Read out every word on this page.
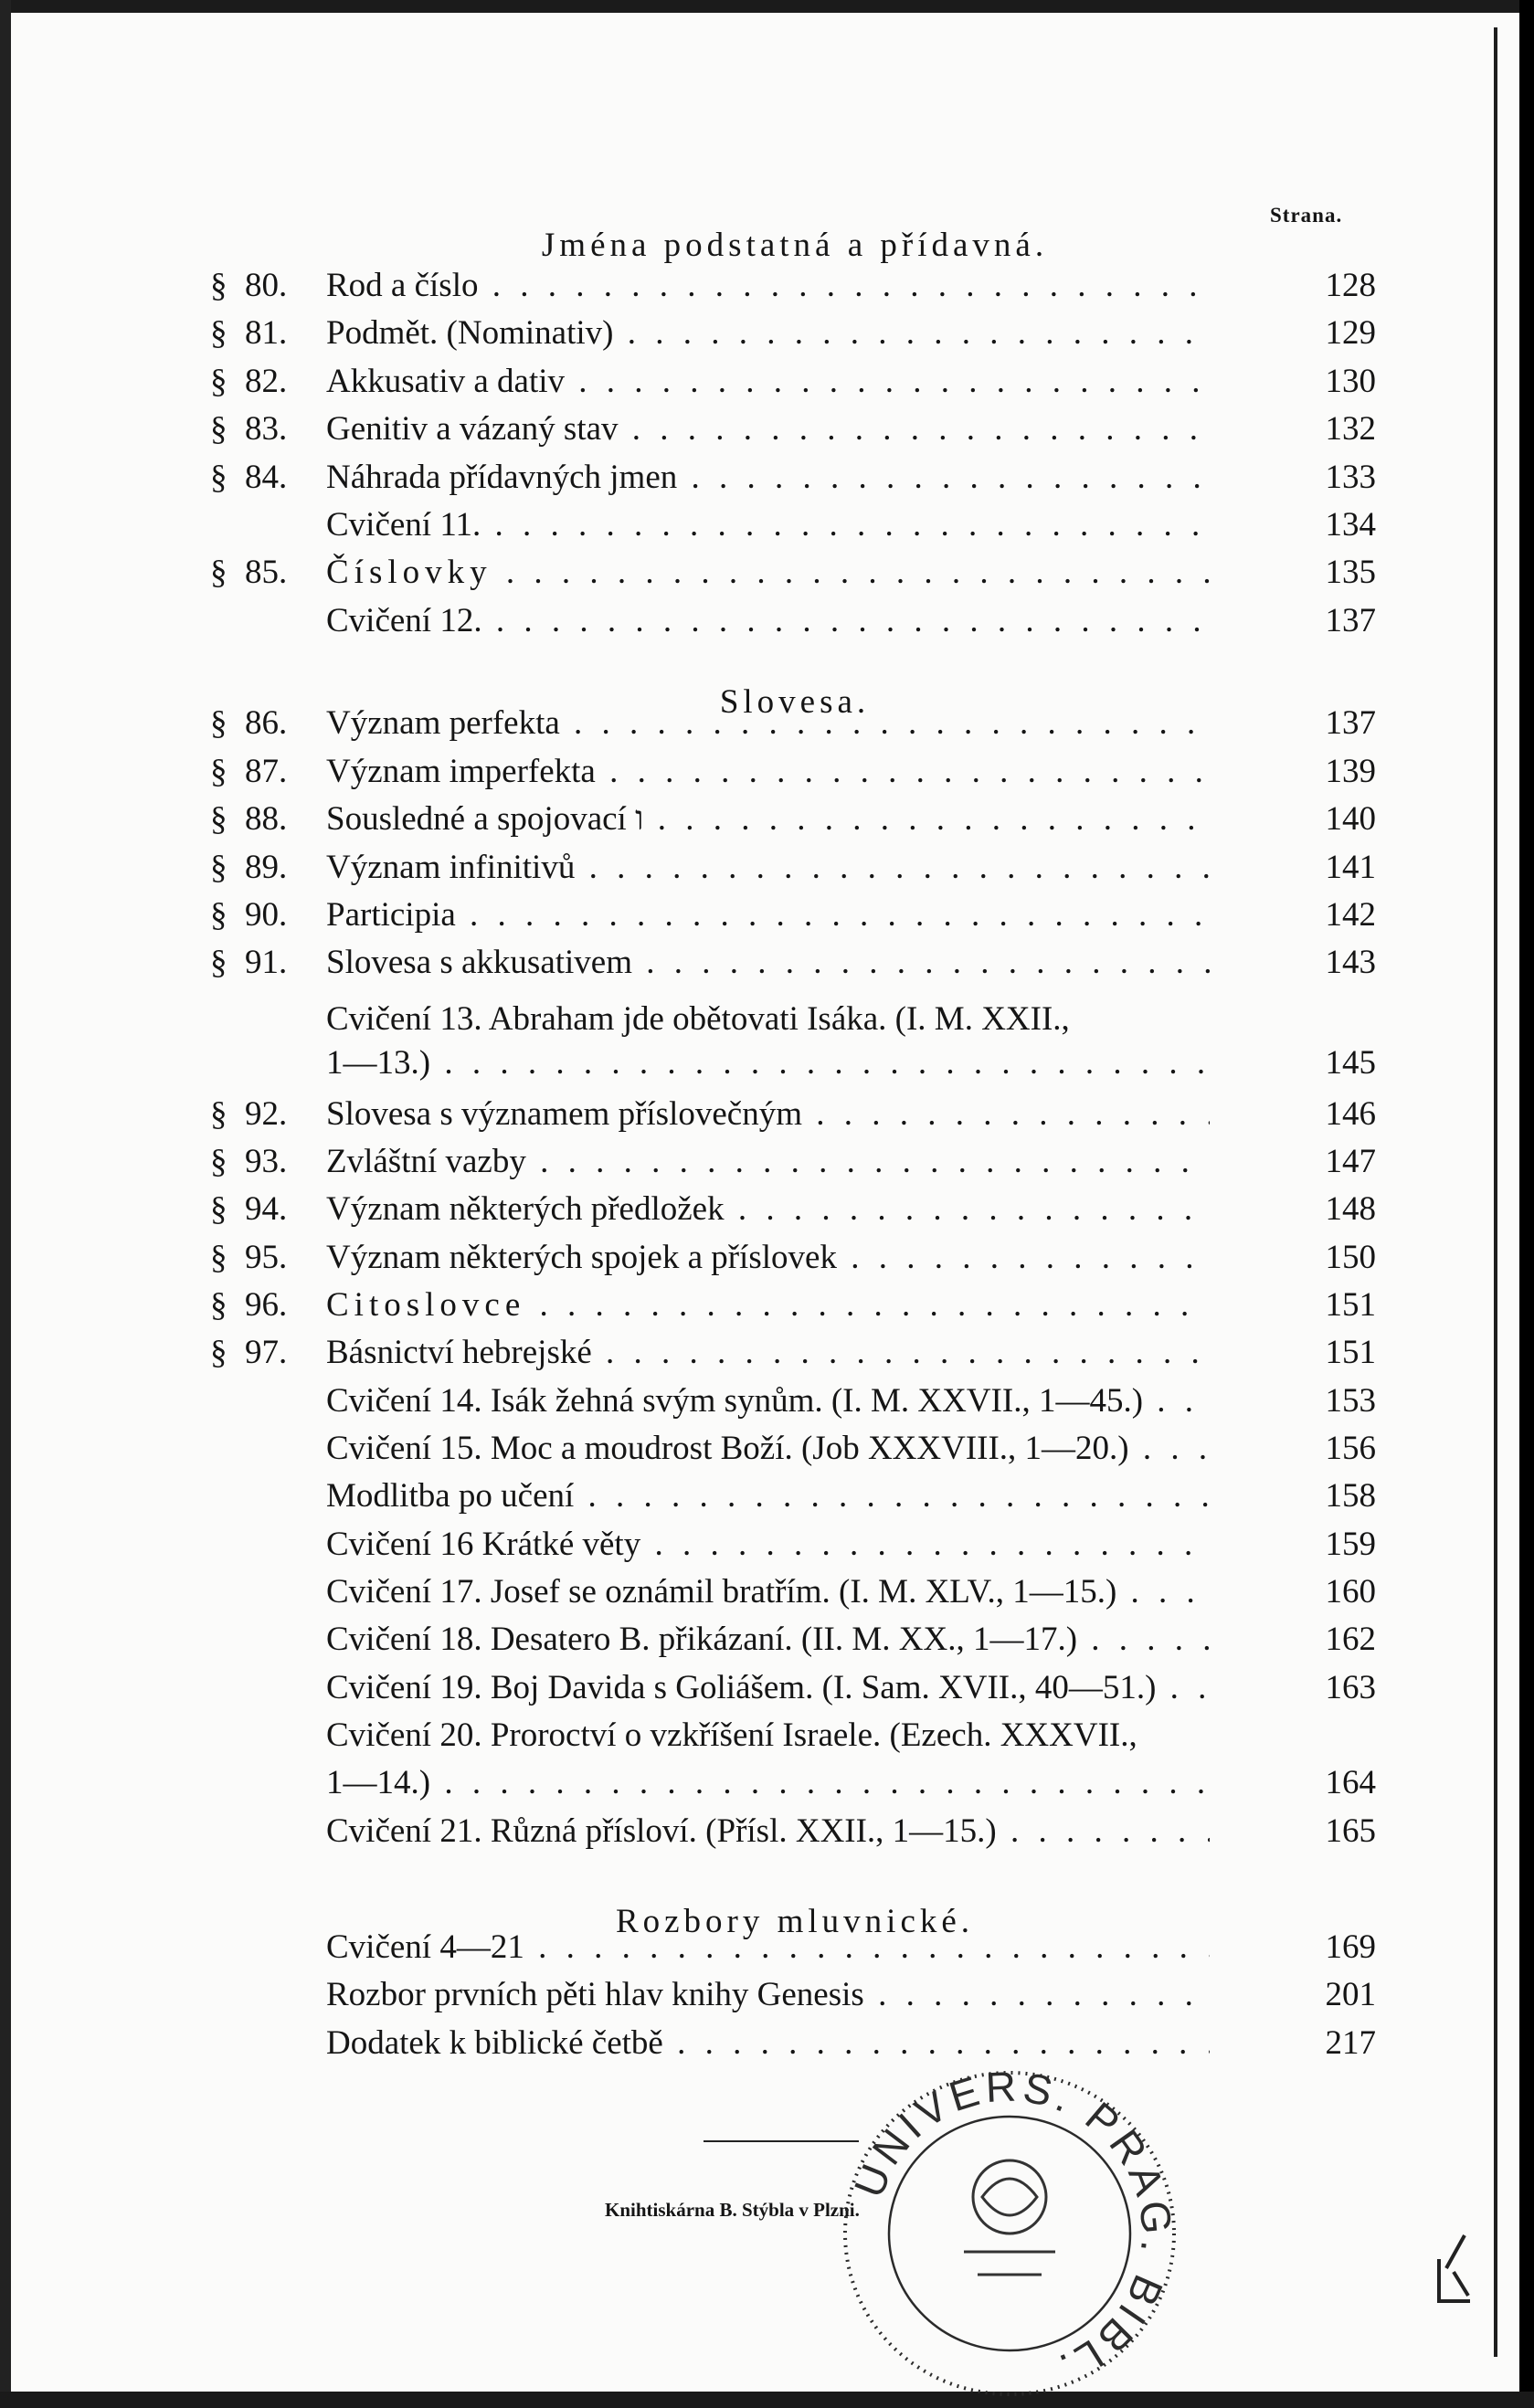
Strana.
Jména podstatná a přídavná.
Slovesa.
Rozbory mluvnické.
§ 80. Rod a číslo . . .	128
§ 81. Podmět. (Nominativ) . . .	129
§ 82. Akkusativ a dativ . . .	130
§ 83. Genitiv a vázaný stav . . .	132
§ 84. Náhrada přídavných jmen . . .	133
Cvičení 11. . . .	134
§ 85. Číslovky . . .	135
Cvičení 12. . . .	137
§ 86. Význam perfekta . . .	137
§ 87. Význam imperfekta . . .	139
§ 88. Sousledné a spojovací ו . . .	140
§ 89. Význam infinitivů . . .	141
§ 90. Participia . . .	142
§ 91. Slovesa s akkusativem . . .	143
Cvičení 13. Abraham jde obětovati Isáka. (I. M. XXII.,
1—13.) . . .	145
§ 92. Slovesa s významem příslovečným . . .	146
§ 93. Zvláštní vazby . . .	147
§ 94. Význam některých předložek . . .	148
§ 95. Význam některých spojek a příslovek . . .	150
§ 96. Citoslovce . . .	151
§ 97. Básnictví hebrejské . . .	151
Cvičení 14. Isák žehná svým synům. (I. M. XXVII., 1—45.) . . .	153
Cvičení 15. Moc a moudrost Boží. (Job XXXVIII., 1—20.) . . .	156
Modlitba po učení . . .	158
Cvičení 16 Krátké věty . . .	159
Cvičení 17. Josef se oznámil bratřím. (I. M. XLV., 1—15.) . . .	160
Cvičení 18. Desatero B. přikázaní. (II. M. XX., 1—17.) . . .	162
Cvičení 19. Boj Davida s Goliášem. (I. Sam. XVII., 40—51.) . . .	163
Cvičení 20. Proroctví o vzkříšení Israele. (Ezech. XXXVII.,
1—14.) . . .	164
Cvičení 21. Různá přísloví. (Přísl. XXII., 1—15.) . . .	165
Cvičení 4—21 . . .	169
Rozbor prvních pěti hlav knihy Genesis . . .	201
Dodatek k biblické četbě . . .	217
Knihtiskárna B. Stýbla v Plzni.
UNIVERS. PRAG. BIBL.
